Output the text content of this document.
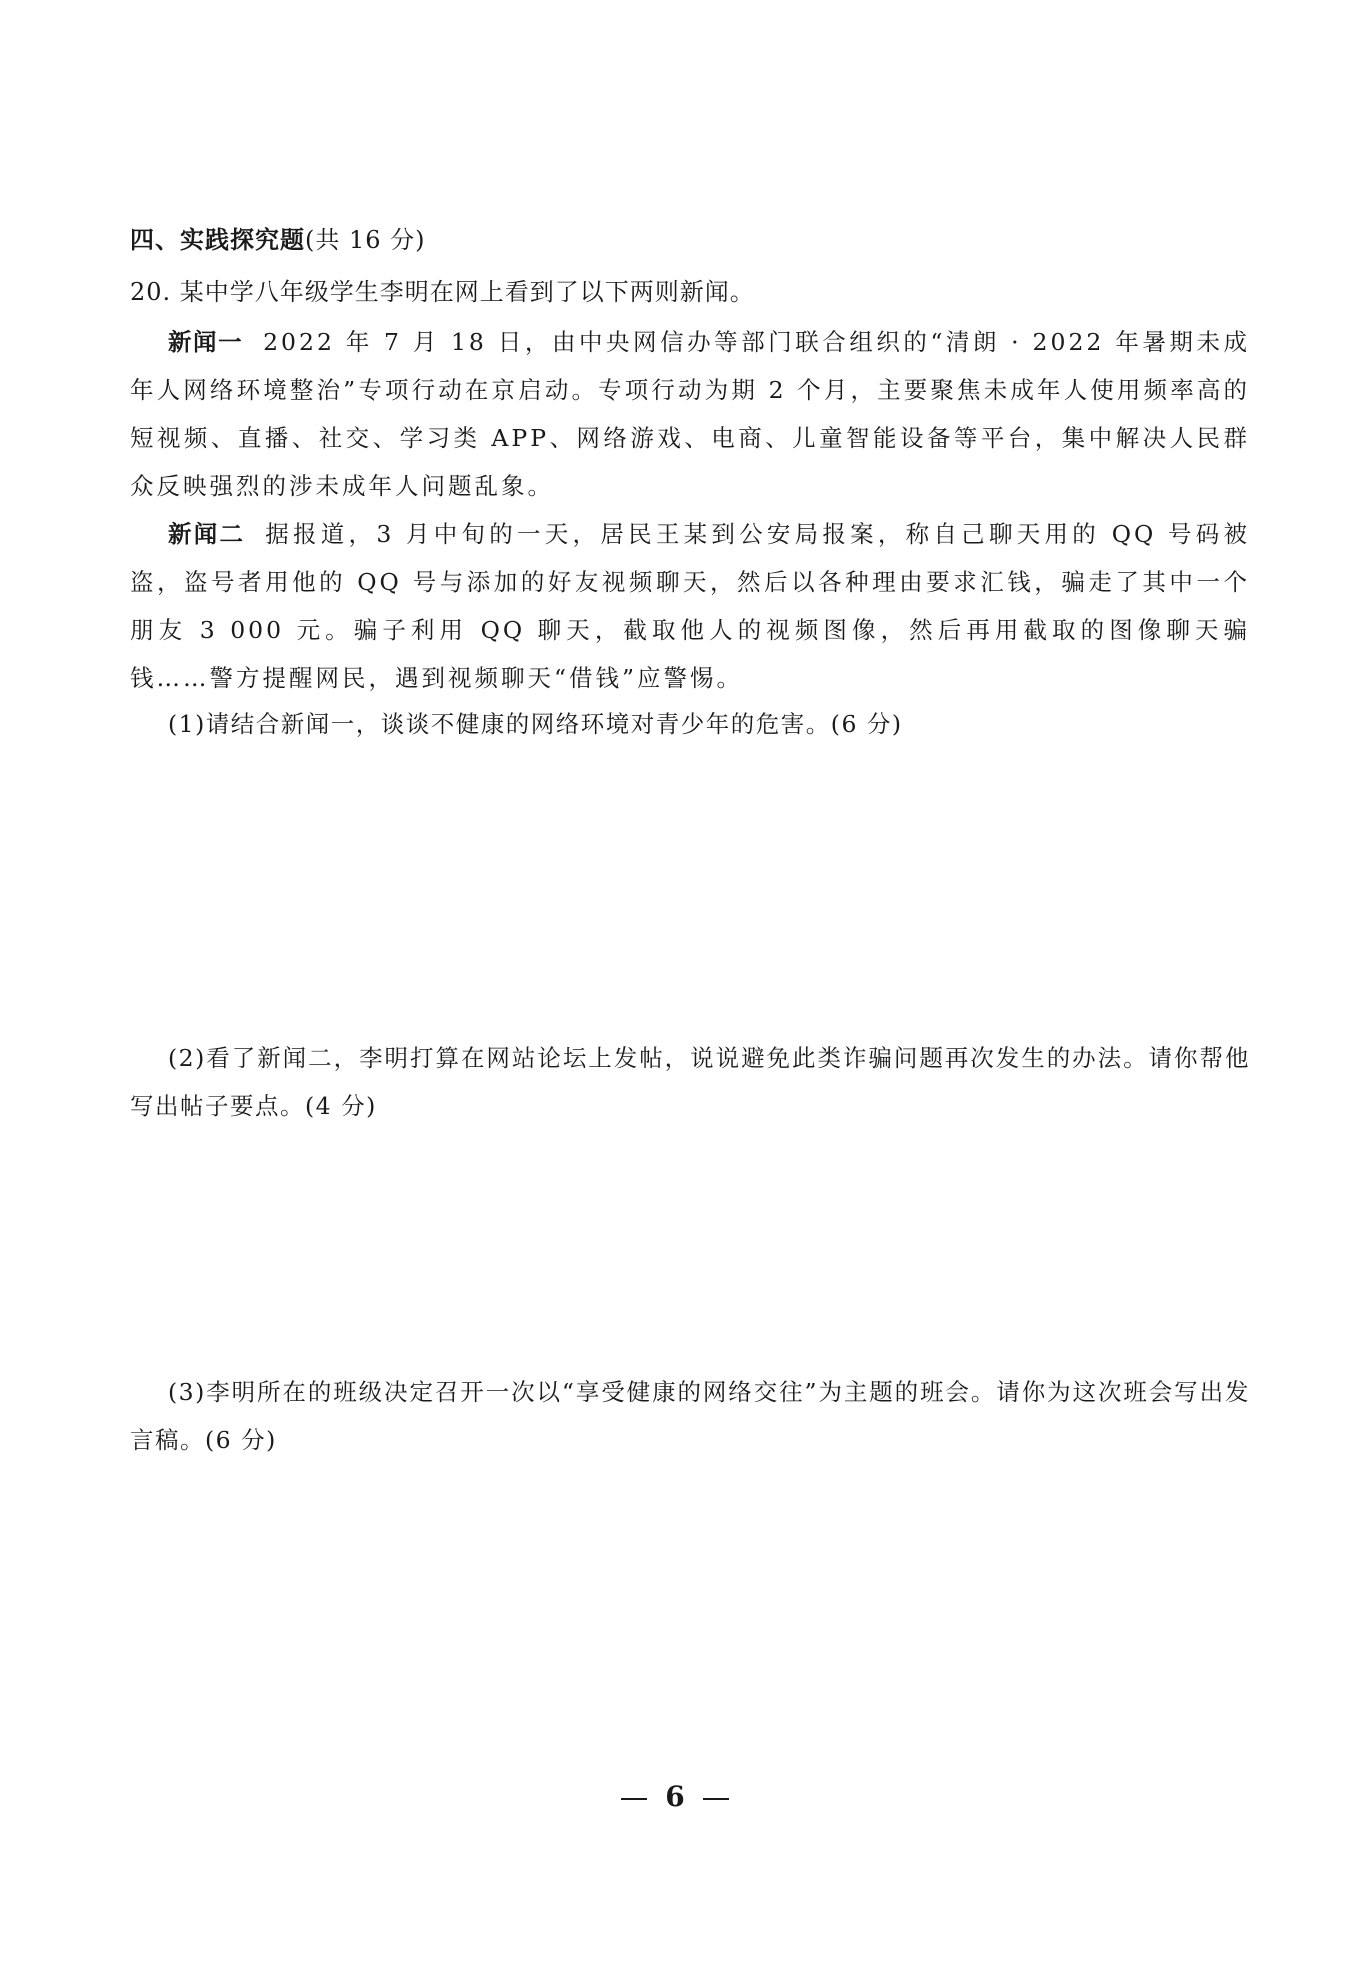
四、实践探究题(共 16 分)
20. 某中学八年级学生李明在网上看到了以下两则新闻。
新闻一 2022 年 7 月 18 日，由中央网信办等部门联合组织的“清朗 · 2022 年暑期未成年人网络环境整治”专项行动在京启动。专项行动为期 2 个月，主要聚焦未成年人使用频率高的短视频、直播、社交、学习类 APP、网络游戏、电商、儿童智能设备等平台，集中解决人民群众反映强烈的涉未成年人问题乱象。
新闻二 据报道，3 月中旬的一天，居民王某到公安局报案，称自己聊天用的 QQ 号码被盗，盗号者用他的 QQ 号与添加的好友视频聊天，然后以各种理由要求汇钱，骗走了其中一个朋友 3 000 元。骗子利用 QQ 聊天，截取他人的视频图像，然后再用截取的图像聊天骗钱……警方提醒网民，遇到视频聊天“借钱”应警惕。
(1)请结合新闻一，谈谈不健康的网络环境对青少年的危害。(6 分)
(2)看了新闻二，李明打算在网站论坛上发帖，说说避免此类诈骗问题再次发生的办法。请你帮他写出帖子要点。(4 分)
(3)李明所在的班级决定召开一次以“享受健康的网络交往”为主题的班会。请你为这次班会写出发言稿。(6 分)
6
